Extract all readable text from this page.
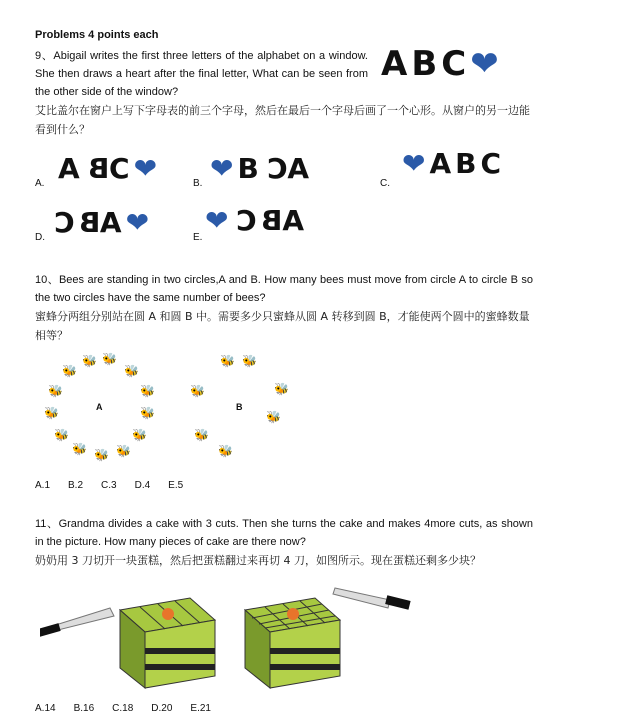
Problems 4 points each
9、Abigail writes the first three letters of the alphabet on a window. She then draws a heart after the final letter, What can be seen from the other side of the window?
ABC❤
艾比盖尔在窗户上写下字母表的前三个字母，然后在最后一个字母后画了一个心形。从窗户的另一边能看到什么？
A. ABC❤	B. ❤BCA	C.
❤ABC
D. CBA❤	E.
❤CBA
10、Bees are standing in two circles,A and B. How many bees must move from circle A to circle B so the two circles have the same number of bees?
蜜蜂分两组分别站在圆 A 和圆 B 中。需要多少只蜜蜂从圆 A 转移到圆 B，才能使两个圆中的蜜蜂数量相等？
🐝 🐝
🐝	🐝
🐝	🐝
🐝	🐝
🐝	🐝
🐝 🐝 🐝
A
🐝 🐝
🐝	🐝
🐝
🐝
🐝
B
A.1 B.2 C.3 D.4 E.5
11、Grandma divides a cake with 3 cuts. Then she turns the cake and makes 4more cuts, as shown in the picture. How many pieces of cake are there now?
奶奶用 3 刀切开一块蛋糕，然后把蛋糕翻过来再切 4 刀，如图所示。现在蛋糕还剩多少块？
A.14 B.16 C.18 D.20 E.21
